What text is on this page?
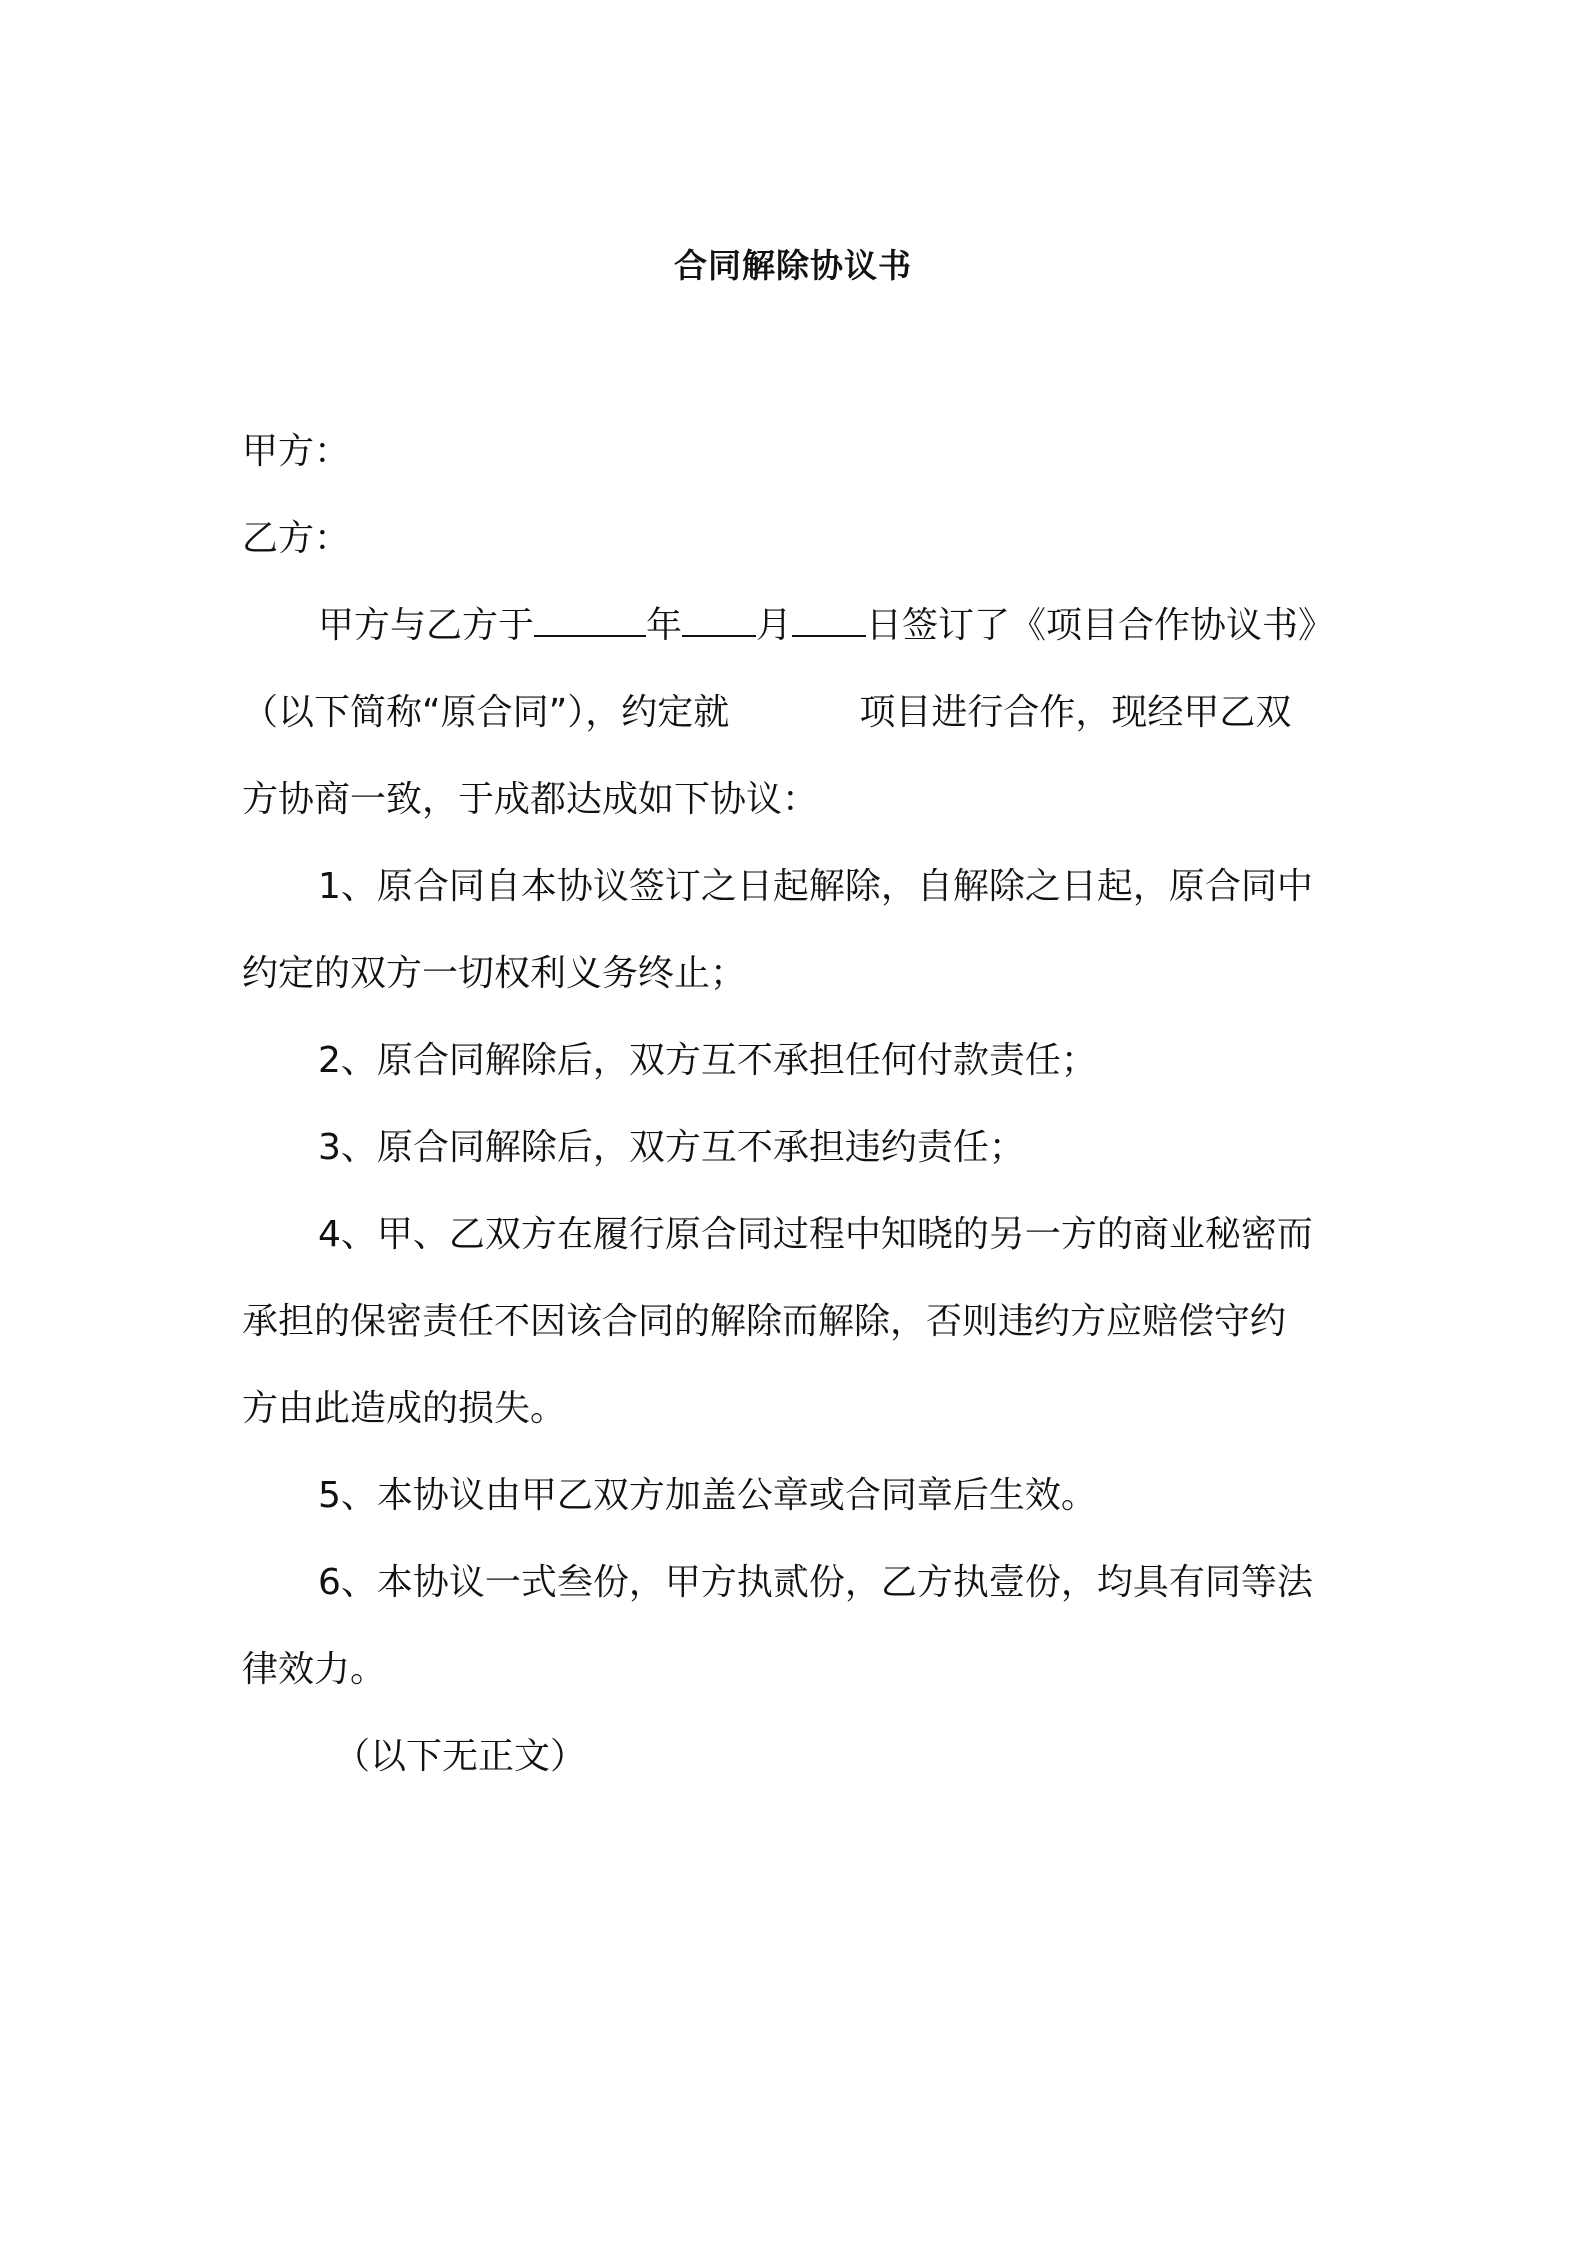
合同解除协议书
甲方：
乙方：
甲方与乙方于	年 月 日签订了《项目合作协议书》
（以下简称“原合同”），约定就	项目进行合作，现经甲乙双
方协商一致，于成都达成如下协议：
1、原合同自本协议签订之日起解除，自解除之日起，原合同中
约定的双方一切权利义务终止；
2、原合同解除后，双方互不承担任何付款责任；
3、原合同解除后，双方互不承担违约责任；
4、甲、乙双方在履行原合同过程中知晓的另一方的商业秘密而
承担的保密责任不因该合同的解除而解除，否则违约方应赔偿守约
方由此造成的损失。
5、本协议由甲乙双方加盖公章或合同章后生效。
6、本协议一式叁份，甲方执贰份，乙方执壹份，均具有同等法
律效力。
（以下无正文）
